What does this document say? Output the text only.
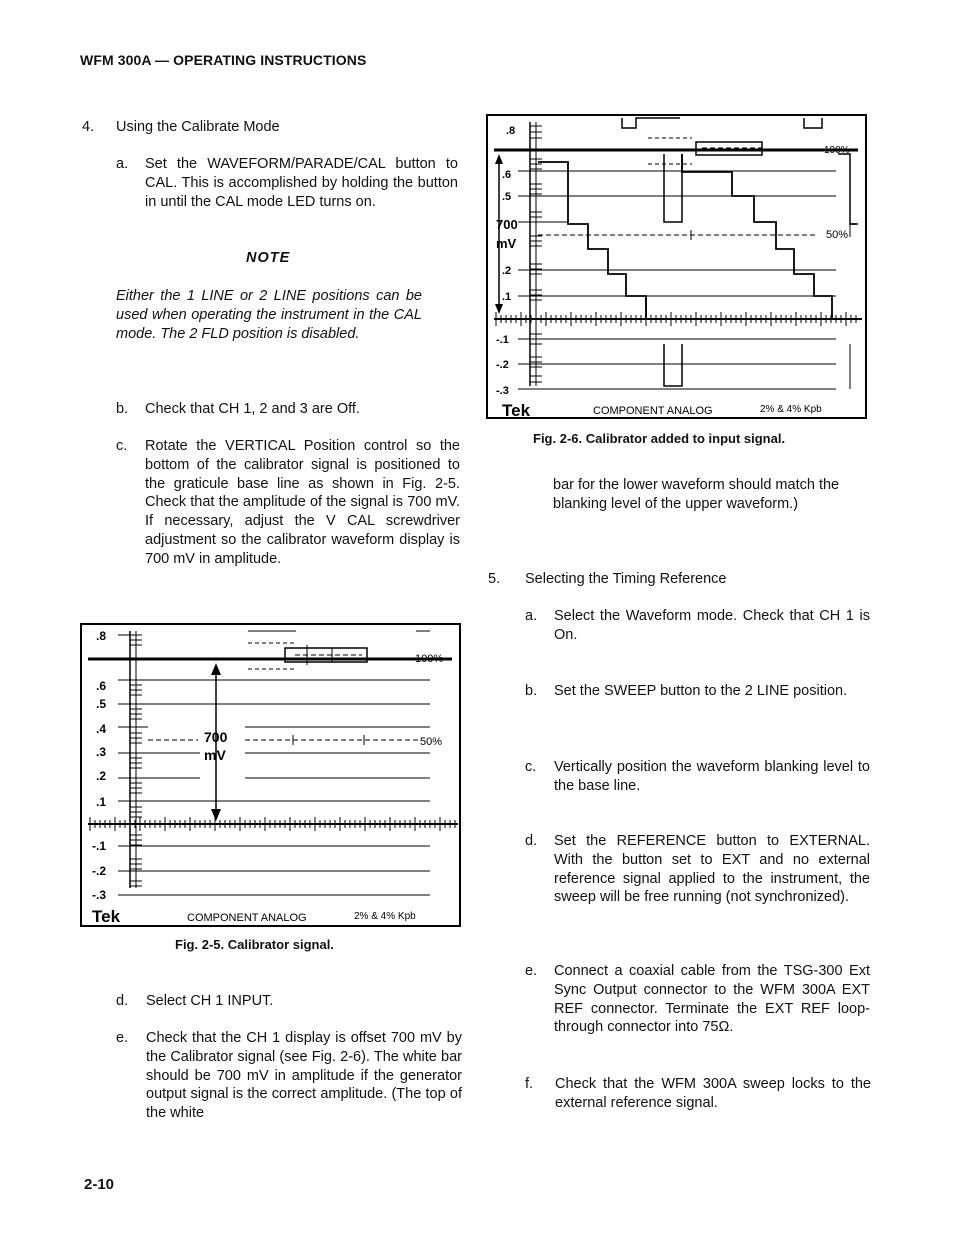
WFM 300A — OPERATING INSTRUCTIONS
4. Using the Calibrate Mode
a. Set the WAVEFORM/PARADE/CAL button to CAL. This is accomplished by holding the button in until the CAL mode LED turns on.

NOTE

Either the 1 LINE or 2 LINE positions can be used when operating the instrument in the CAL mode. The 2 FLD position is disabled.

b. Check that CH 1, 2 and 3 are Off.

c. Rotate the VERTICAL Position control so the bottom of the calibrator signal is positioned to the graticule base line as shown in Fig. 2-5. Check that the amplitude of the signal is 700 mV. If necessary, adjust the V CAL screwdriver adjustment so the calibrator waveform display is 700 mV in amplitude.

.8
.6
.5
.4
.3
.2
.1
-.1
-.2
-.3
100%
700
mV
50%
Tek	COMPONENT ANALOG	2% & 4% Kpb
Fig. 2-5. Calibrator signal.
d. Select CH 1 INPUT.

e. Check that the CH 1 display is offset 700 mV by the Calibrator signal (see Fig. 2-6). The white bar should be 700 mV in amplitude if the generator output signal is the correct amplitude. (The top of the white

2-10
.8
.6
.5
.2
.1
-.1
-.2
-.3
700
mV
100%
50%
Tek	COMPONENT ANALOG	2% & 4% Kpb
Fig. 2-6. Calibrator added to input signal.

bar for the lower waveform should match the blanking level of the upper waveform.)

5. Selecting the Timing Reference
a. Select the Waveform mode. Check that CH 1 is On.

b. Set the SWEEP button to the 2 LINE position.

c. Vertically position the waveform blanking level to the base line.

d. Set the REFERENCE button to EXTERNAL. With the button set to EXT and no external reference signal applied to the instrument, the sweep will be free running (not synchronized).

e. Connect a coaxial cable from the TSG-300 Ext Sync Output connector to the WFM 300A EXT REF connector. Terminate the EXT REF loop-through connector into 75Ω.

f. Check that the WFM 300A sweep locks to the external reference signal.
